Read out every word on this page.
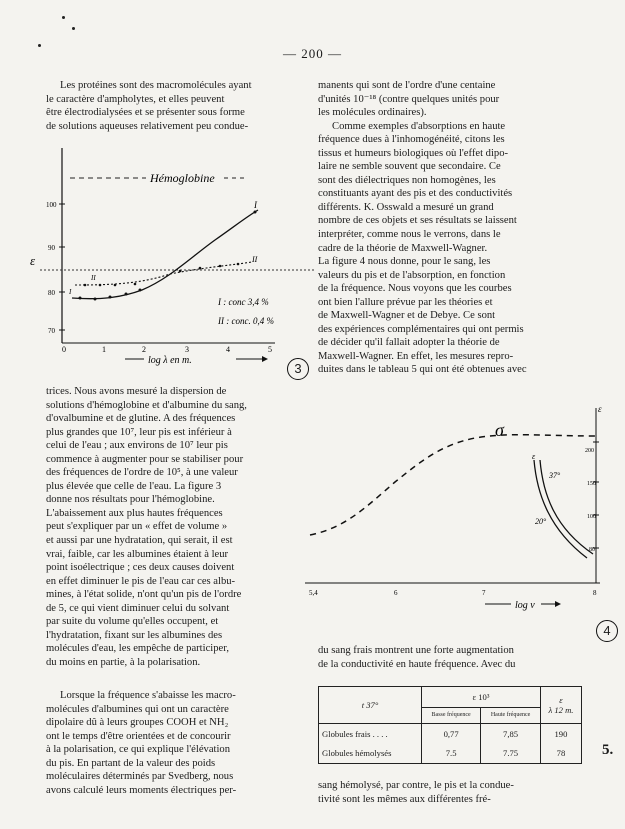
— 200 —

Les protéines sont des macromolécules ayant

le caractère d'ampholytes, et elles peuvent

être électrodialysées et se présenter sous forme

de solutions aqueuses relativement peu condue-

100
90
80
70
0	1	2	3	4	5
Hémoglobine
ε
I
II
I
II
I : conc 3,4 %
II : conc. 0,4 %
log λ en m.
3

trices. Nous avons mesuré la dispersion de

solutions d'hémoglobine et d'albumine du sang,

d'ovalbumine et de glutine. A des fréquences

plus grandes que 10⁷, leur pis est inférieur à

celui de l'eau ; aux environs de 10⁷ leur pis

commence à augmenter pour se stabiliser pour

des fréquences de l'ordre de 10⁵, à une valeur

plus élevée que celle de l'eau. La figure 3

donne nos résultats pour l'hémoglobine.

L'abaissement aux plus hautes fréquences

peut s'expliquer par un « effet de volume »

et aussi par une hydratation, qui serait, il est

vrai, faible, car les albumines étaient à leur

point isoélectrique ; ces deux causes doivent

en effet diminuer le pis de l'eau car ces albu-

mines, à l'état solide, n'ont qu'un pis de l'ordre

de 5, ce qui vient diminuer celui du solvant

par suite du volume qu'elles occupent, et

l'hydratation, fixant sur les albumines des

molécules d'eau, les empêche de participer,

du moins en partie, à la polarisation.

Lorsque la fréquence s'abaisse les macro-

molécules d'albumines qui ont un caractère

dipolaire dû à leurs groupes COOH et NH₂

ont le temps d'être orientées et de concourir

à la polarisation, ce qui explique l'élévation

du pis. En partant de la valeur des poids

moléculaires déterminés par Svedberg, nous

avons calculé leurs moments électriques per-

manents qui sont de l'ordre d'une centaine

d'unités 10⁻¹⁸ (contre quelques unités pour

les molécules ordinaires).

Comme exemples d'absorptions en haute

fréquence dues à l'inhomogénéité, citons les

tissus et humeurs biologiques où l'effet dipo-

laire ne semble souvent que secondaire. Ce

sont des diélectriques non homogènes, les

constituants ayant des pis et des conductivités

différents. K. Osswald a mesuré un grand

nombre de ces objets et ses résultats se laissent

interpréter, comme nous le verrons, dans le

cadre de la théorie de Maxwell-Wagner.

La figure 4 nous donne, pour le sang, les

valeurs du pis et de l'absorption, en fonction

de la fréquence. Nous voyons que les courbes

ont bien l'allure prévue par les théories et

de Maxwell-Wagner et de Debye. Ce sont

des expériences complémentaires qui ont permis

de décider qu'il fallait adopter la théorie de

Maxwell-Wagner. En effet, les mesures repro-

duites dans le tableau 5 qui ont été obtenues avec

ε
200
150
100
80
5,4	6	7	8
σ
ε
37°
20°
log ν
4

du sang frais montrent une forte augmentation

de la conductivité en haute fréquence. Avec du

t 37°	ε 10³		ε
λ 12 m.
	Basse fréquence	Haute fréquence	
Globules frais . . . .	0,77	7,85	190
Globules hémolysés	7.5	7.75	78 5.

sang hémolysé, par contre, le pis et la condue-

tivité sont les mêmes aux différentes fré-
